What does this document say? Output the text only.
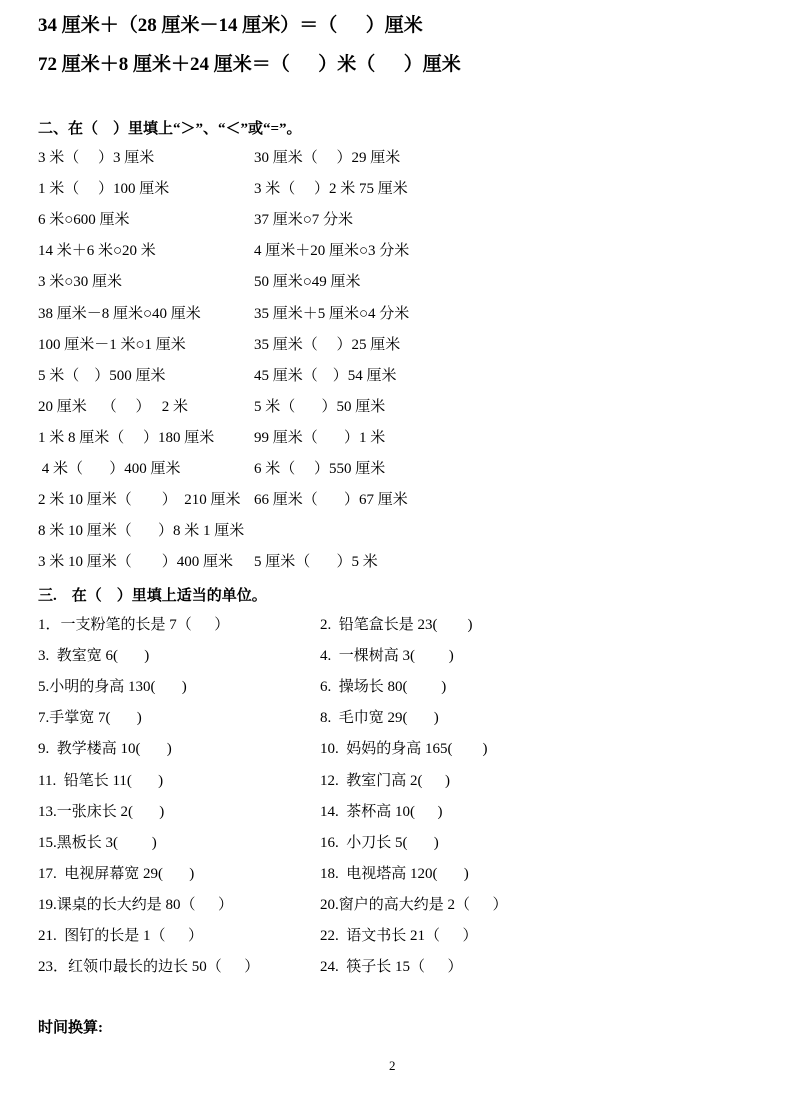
34 厘米＋（28 厘米－14 厘米）＝（      ）厘米
72 厘米＋8 厘米＋24 厘米＝（      ）米（      ）厘米
二、在（    ）里填上“＞”、“＜”或“=”。
3 米（     ）3 厘米	30 厘米（     ）29 厘米
1 米（     ）100 厘米	3 米（     ）2 米 75 厘米
6 米○600 厘米	37 厘米○7 分米
14 米＋6 米○20 米	4 厘米＋20 厘米○3 分米
3 米○30 厘米	50 厘米○49 厘米
38 厘米－8 厘米○40 厘米	35 厘米＋5 厘米○4 分米
100 厘米－1 米○1 厘米	35 厘米（     ）25 厘米
5 米（    ）500 厘米	45 厘米（    ）54 厘米
20 厘米    （     ）   2 米	5 米（       ）50 厘米
1 米 8 厘米（     ）180 厘米	99 厘米（       ）1 米
4 米（       ）400 厘米	6 米（     ）550 厘米
2 米 10 厘米（        ）  210 厘米 66 厘米（       ）67 厘米
8 米 10 厘米（       ）8 米 1 厘米
3 米 10 厘米（        ）400 厘米 5 厘米（       ）5 米
三.    在（    ）里填上适当的单位。
1．一支粉笔的长是 7（      ）	2.  铅笔盒长是 23(        )
3.  教室宽 6(       )	4.  一棵树高 3(         )
5.小明的身高 130(       )	6.  操场长 80(         )
7.手掌宽 7(       )	8.  毛巾宽 29(       )
9.  教学楼高 10(       )	10.  妈妈的身高 165(        )
11.  铅笔长 11(       )	12.  教室门高 2(      )
13.一张床长 2(       )	14.  茶杯高 10(      )
15.黑板长 3(         )	16.  小刀长 5(       )
17.  电视屏幕宽 29(       )	18.  电视塔高 120(       )
19.课桌的长大约是 80（      ）	20.窗户的高大约是 2（      ）
21.  图钉的长是 1（      ）	22.  语文书长 21（      ）
23．红领巾最长的边长 50（      ）	24.  筷子长 15（      ）
时间换算:
2
